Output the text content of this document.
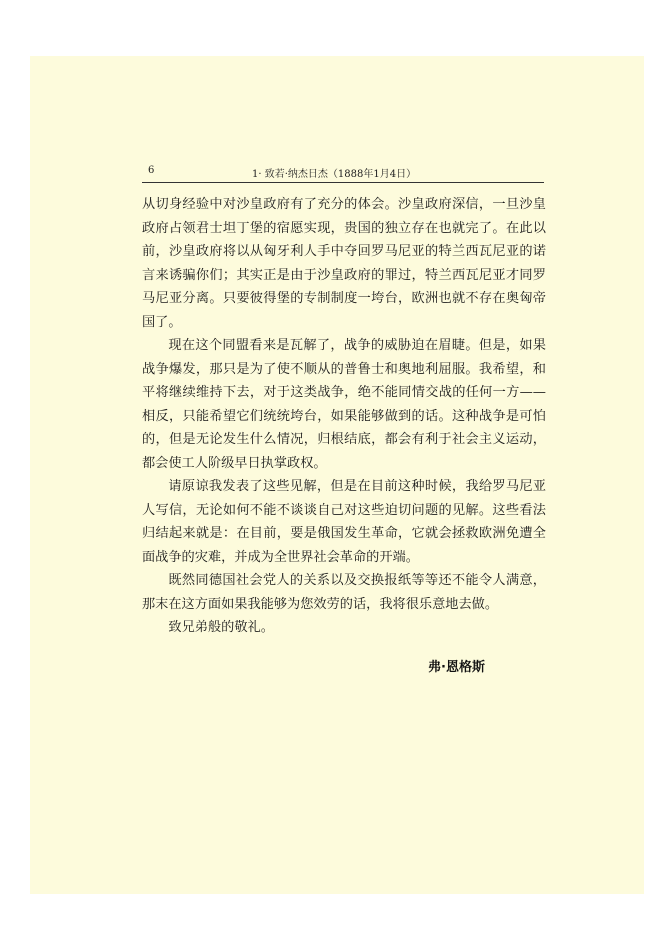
6	1· 致若·纳杰日杰（1888年1月4日）

从切身经验中对沙皇政府有了充分的体会。沙皇政府深信，一旦沙皇政府占领君士坦丁堡的宿愿实现，贵国的独立存在也就完了。在此以前，沙皇政府将以从匈牙利人手中夺回罗马尼亚的特兰西瓦尼亚的诺言来诱骗你们；其实正是由于沙皇政府的罪过，特兰西瓦尼亚才同罗马尼亚分离。只要彼得堡的专制制度一垮台，欧洲也就不存在奥匈帝国了。

现在这个同盟看来是瓦解了，战争的威胁迫在眉睫。但是，如果战争爆发，那只是为了使不顺从的普鲁士和奥地利屈服。我希望，和平将继续维持下去，对于这类战争，绝不能同情交战的任何一方——相反，只能希望它们统统垮台，如果能够做到的话。这种战争是可怕的，但是无论发生什么情况，归根结底，都会有利于社会主义运动，都会使工人阶级早日执掌政权。

请原谅我发表了这些见解，但是在目前这种时候，我给罗马尼亚人写信，无论如何不能不谈谈自己对这些迫切问题的见解。这些看法归结起来就是：在目前，要是俄国发生革命，它就会拯救欧洲免遭全面战争的灾难，并成为全世界社会革命的开端。

既然同德国社会党人的关系以及交换报纸等等还不能令人满意，那末在这方面如果我能够为您效劳的话，我将很乐意地去做。

致兄弟般的敬礼。

弗·恩格斯
